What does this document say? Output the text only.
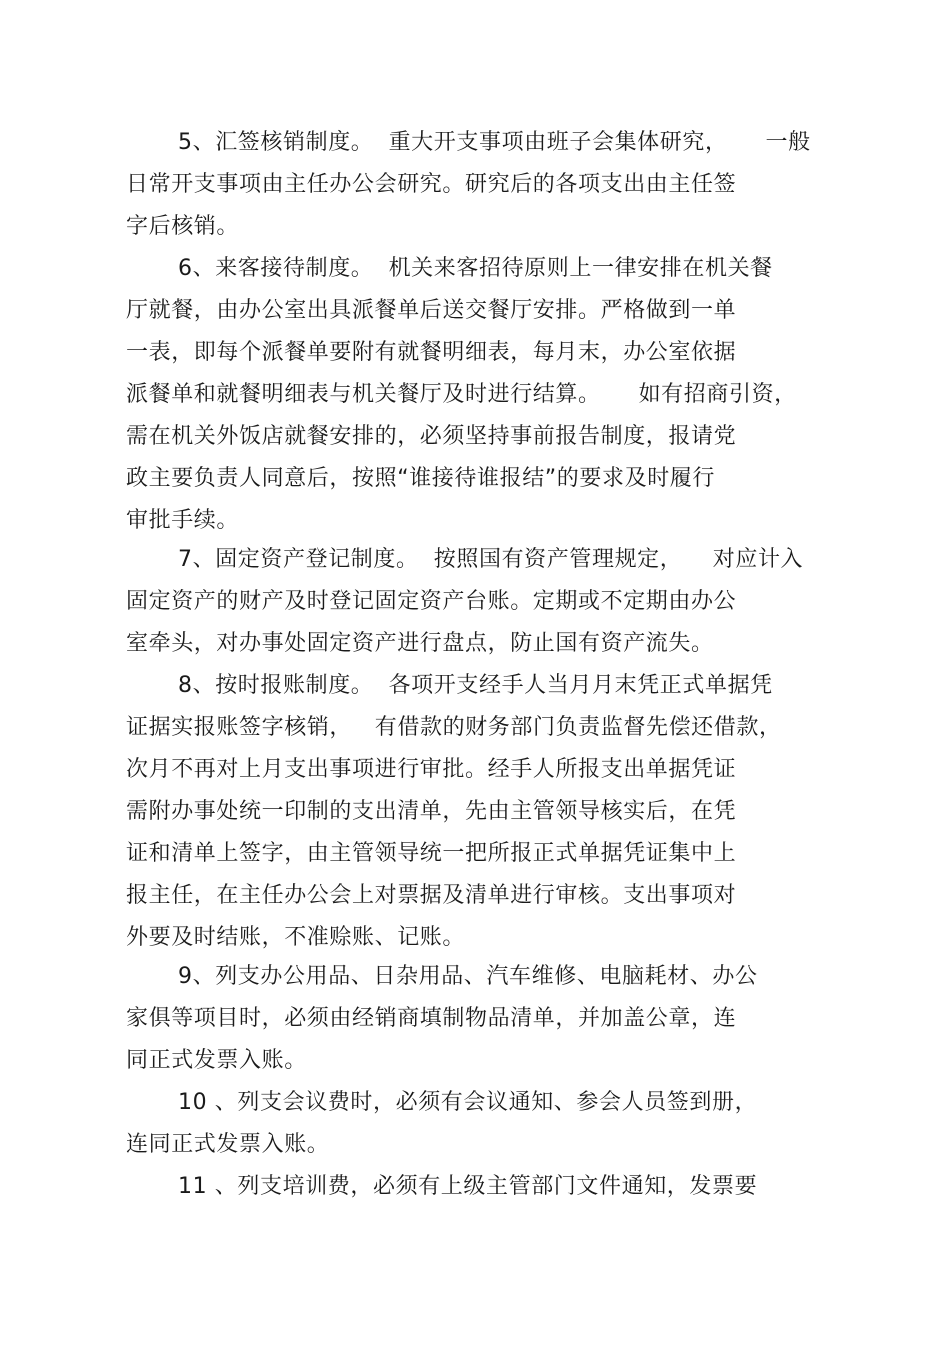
5、汇签核销制度。  重大开支事项由班子会集体研究，     一般
日常开支事项由主任办公会研究。研究后的各项支出由主任签
字后核销。
6、来客接待制度。  机关来客招待原则上一律安排在机关餐
厅就餐，由办公室出具派餐单后送交餐厅安排。严格做到一单
一表，即每个派餐单要附有就餐明细表，每月末，办公室依据
派餐单和就餐明细表与机关餐厅及时进行结算。     如有招商引资，
需在机关外饭店就餐安排的，必须坚持事前报告制度，报请党
政主要负责人同意后，按照“谁接待谁报结”的要求及时履行
审批手续。
7、固定资产登记制度。  按照国有资产管理规定，    对应计入
固定资产的财产及时登记固定资产台账。定期或不定期由办公
室牵头，对办事处固定资产进行盘点，防止国有资产流失。
8、按时报账制度。  各项开支经手人当月月末凭正式单据凭
证据实报账签字核销，   有借款的财务部门负责监督先偿还借款，
次月不再对上月支出事项进行审批。经手人所报支出单据凭证
需附办事处统一印制的支出清单，先由主管领导核实后，在凭
证和清单上签字，由主管领导统一把所报正式单据凭证集中上
报主任，在主任办公会上对票据及清单进行审核。支出事项对
外要及时结账，不准赊账、记账。
9、列支办公用品、日杂用品、汽车维修、电脑耗材、办公
家俱等项目时，必须由经销商填制物品清单，并加盖公章，连
同正式发票入账。
10 、列支会议费时，必须有会议通知、参会人员签到册，
连同正式发票入账。
11 、列支培训费，必须有上级主管部门文件通知，发票要
